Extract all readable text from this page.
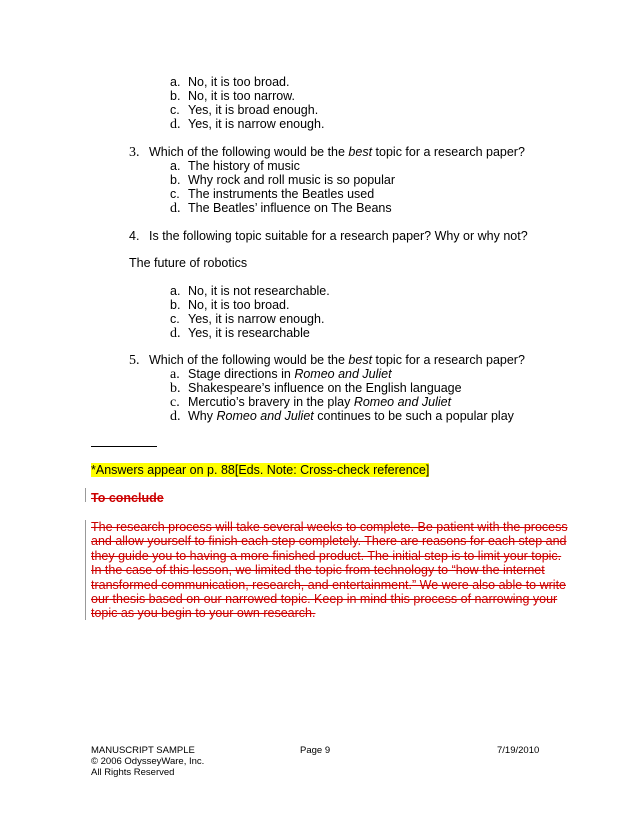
a. No, it is too broad.
b. No, it is too narrow.
c. Yes, it is broad enough.
d. Yes, it is narrow enough.
3. Which of the following would be the best topic for a research paper?
a. The history of music
b. Why rock and roll music is so popular
c. The instruments the Beatles used
d. The Beatles’ influence on The Beans
4. Is the following topic suitable for a research paper? Why or why not?
The future of robotics
a. No, it is not researchable.
b. No, it is too broad.
c. Yes, it is narrow enough.
d. Yes, it is researchable
5. Which of the following would be the best topic for a research paper?
a. Stage directions in Romeo and Juliet
b. Shakespeare’s influence on the English language
c. Mercutio’s bravery in the play Romeo and Juliet
d. Why Romeo and Juliet continues to be such a popular play
*Answers appear on p. 88[Eds. Note: Cross-check reference]
To conclude
The research process will take several weeks to complete. Be patient with the process
and allow yourself to finish each step completely. There are reasons for each step and
they guide you to having a more finished product. The initial step is to limit your topic.
In the case of this lesson, we limited the topic from technology to “how the internet
transformed communication, research, and entertainment.” We were also able to write
our thesis based on our narrowed topic. Keep in mind this process of narrowing your
topic as you begin to your own research.
MANUSCRIPT SAMPLE
© 2006 OdysseyWare, Inc.
All Rights Reserved
Page 9	7/19/2010
